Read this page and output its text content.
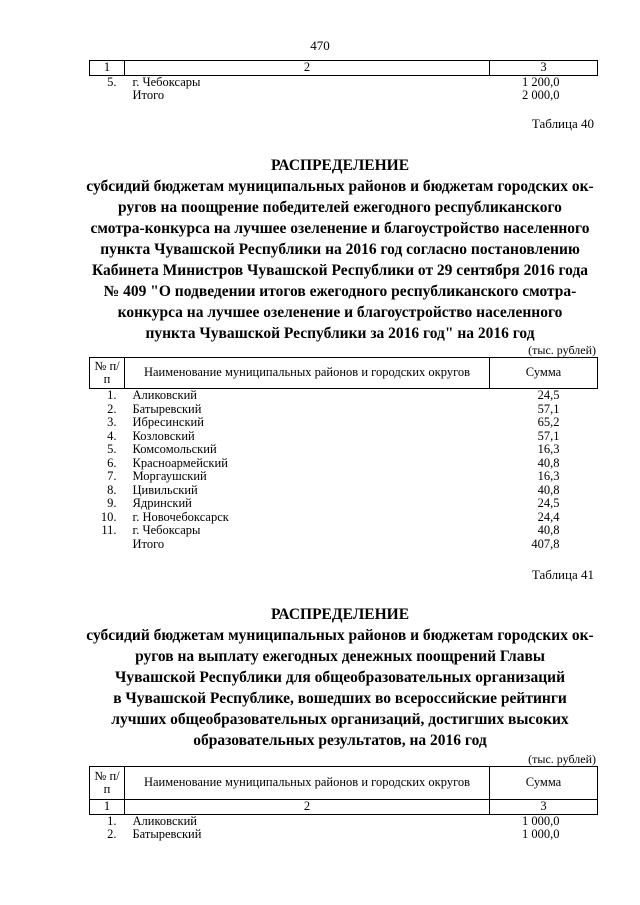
470
1	2	3
5.	г. Чебоксары	1 200,0
	Итого	2 000,0
Таблица 40
РАСПРЕДЕЛЕНИЕ
субсидий бюджетам муниципальных районов и бюджетам городских ок-
ругов на поощрение победителей ежегодного республиканского
смотра-конкурса на лучшее озеленение и благоустройство населенного
пункта Чувашской Республики на 2016 год согласно постановлению
Кабинета Министров Чувашской Республики от 29 сентября 2016 года
№ 409 "О подведении итогов ежегодного республиканского смотра-
конкурса на лучшее озеленение и благоустройство населенного
пункта Чувашской Республики за 2016 год" на 2016 год
(тыс. рублей)
№ п/п	Наименование муниципальных районов и городских округов	Сумма
1.	Аликовский	24,5
2.	Батыревский	57,1
3.	Ибресинский	65,2
4.	Козловский	57,1
5.	Комсомольский	16,3
6.	Красноармейский	40,8
7.	Моргаушский	16,3
8.	Цивильский	40,8
9.	Ядринский	24,5
10.	г. Новочебоксарск	24,4
11.	г. Чебоксары	40,8
	Итого	407,8
Таблица 41
РАСПРЕДЕЛЕНИЕ
субсидий бюджетам муниципальных районов и бюджетам городских ок-
ругов на выплату ежегодных денежных поощрений Главы
Чувашской Республики для общеобразовательных организаций
в Чувашской Республике, вошедших во всероссийские рейтинги
лучших общеобразовательных организаций, достигших высоких
образовательных результатов, на 2016 год
(тыс. рублей)
№ п/п	Наименование муниципальных районов и городских округов	Сумма
1	2	3
1.	Аликовский	1 000,0
2.	Батыревский	1 000,0
